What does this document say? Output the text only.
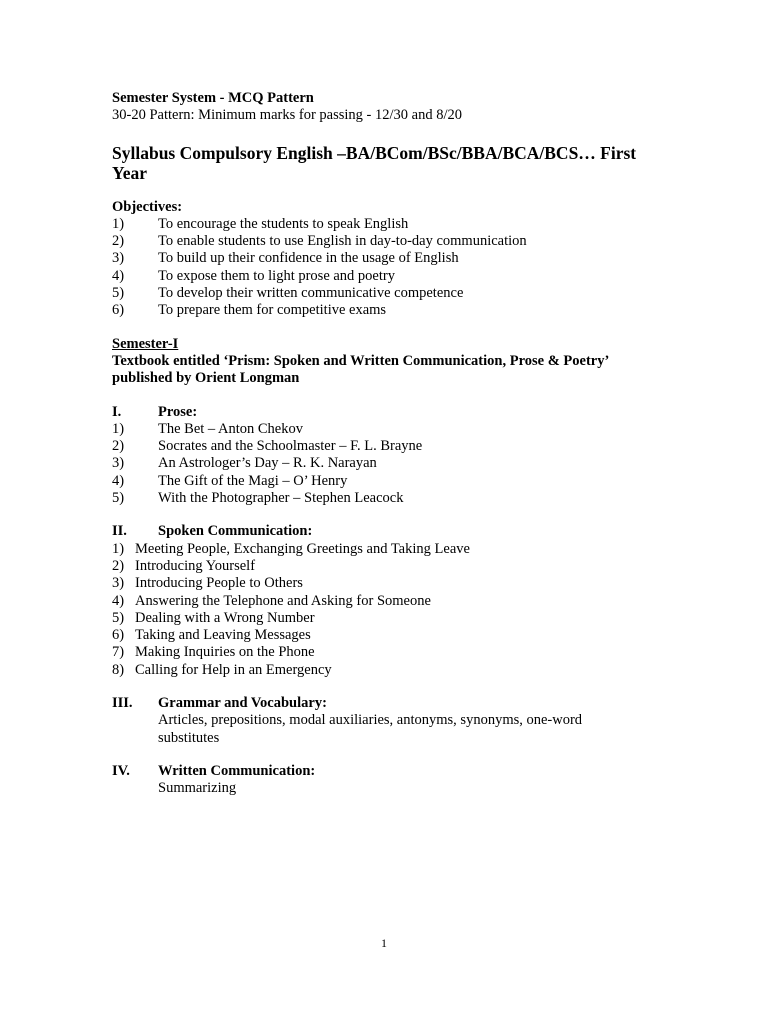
Semester System - MCQ Pattern
30-20 Pattern: Minimum marks for passing - 12/30 and 8/20
Syllabus Compulsory English –BA/BCom/BSc/BBA/BCA/BCS… First
Year
Objectives:
1)	To encourage the students to speak English
2)	To enable students to use English in day-to-day communication
3)	To build up their confidence in the usage of English
4)	To expose them to light prose and poetry
5)	To develop their written communicative competence
6)	To prepare them for competitive exams
Semester-I
Textbook entitled ‘Prism: Spoken and Written Communication, Prose & Poetry’
published by Orient Longman
I.	Prose:
1)	The Bet – Anton Chekov
2)	Socrates and the Schoolmaster – F. L. Brayne
3)	An Astrologer’s Day – R. K. Narayan
4)	The Gift of the Magi – O’ Henry
5)	With the Photographer – Stephen Leacock
II.	Spoken Communication:
1) Meeting People, Exchanging Greetings and Taking Leave
2) Introducing Yourself
3) Introducing People to Others
4) Answering the Telephone and Asking for Someone
5) Dealing with a Wrong Number
6) Taking and Leaving Messages
7) Making Inquiries on the Phone
8) Calling for Help in an Emergency
III.	Grammar and Vocabulary:
Articles, prepositions, modal auxiliaries, antonyms, synonyms, one-word
substitutes
IV.	Written Communication:
Summarizing
1
